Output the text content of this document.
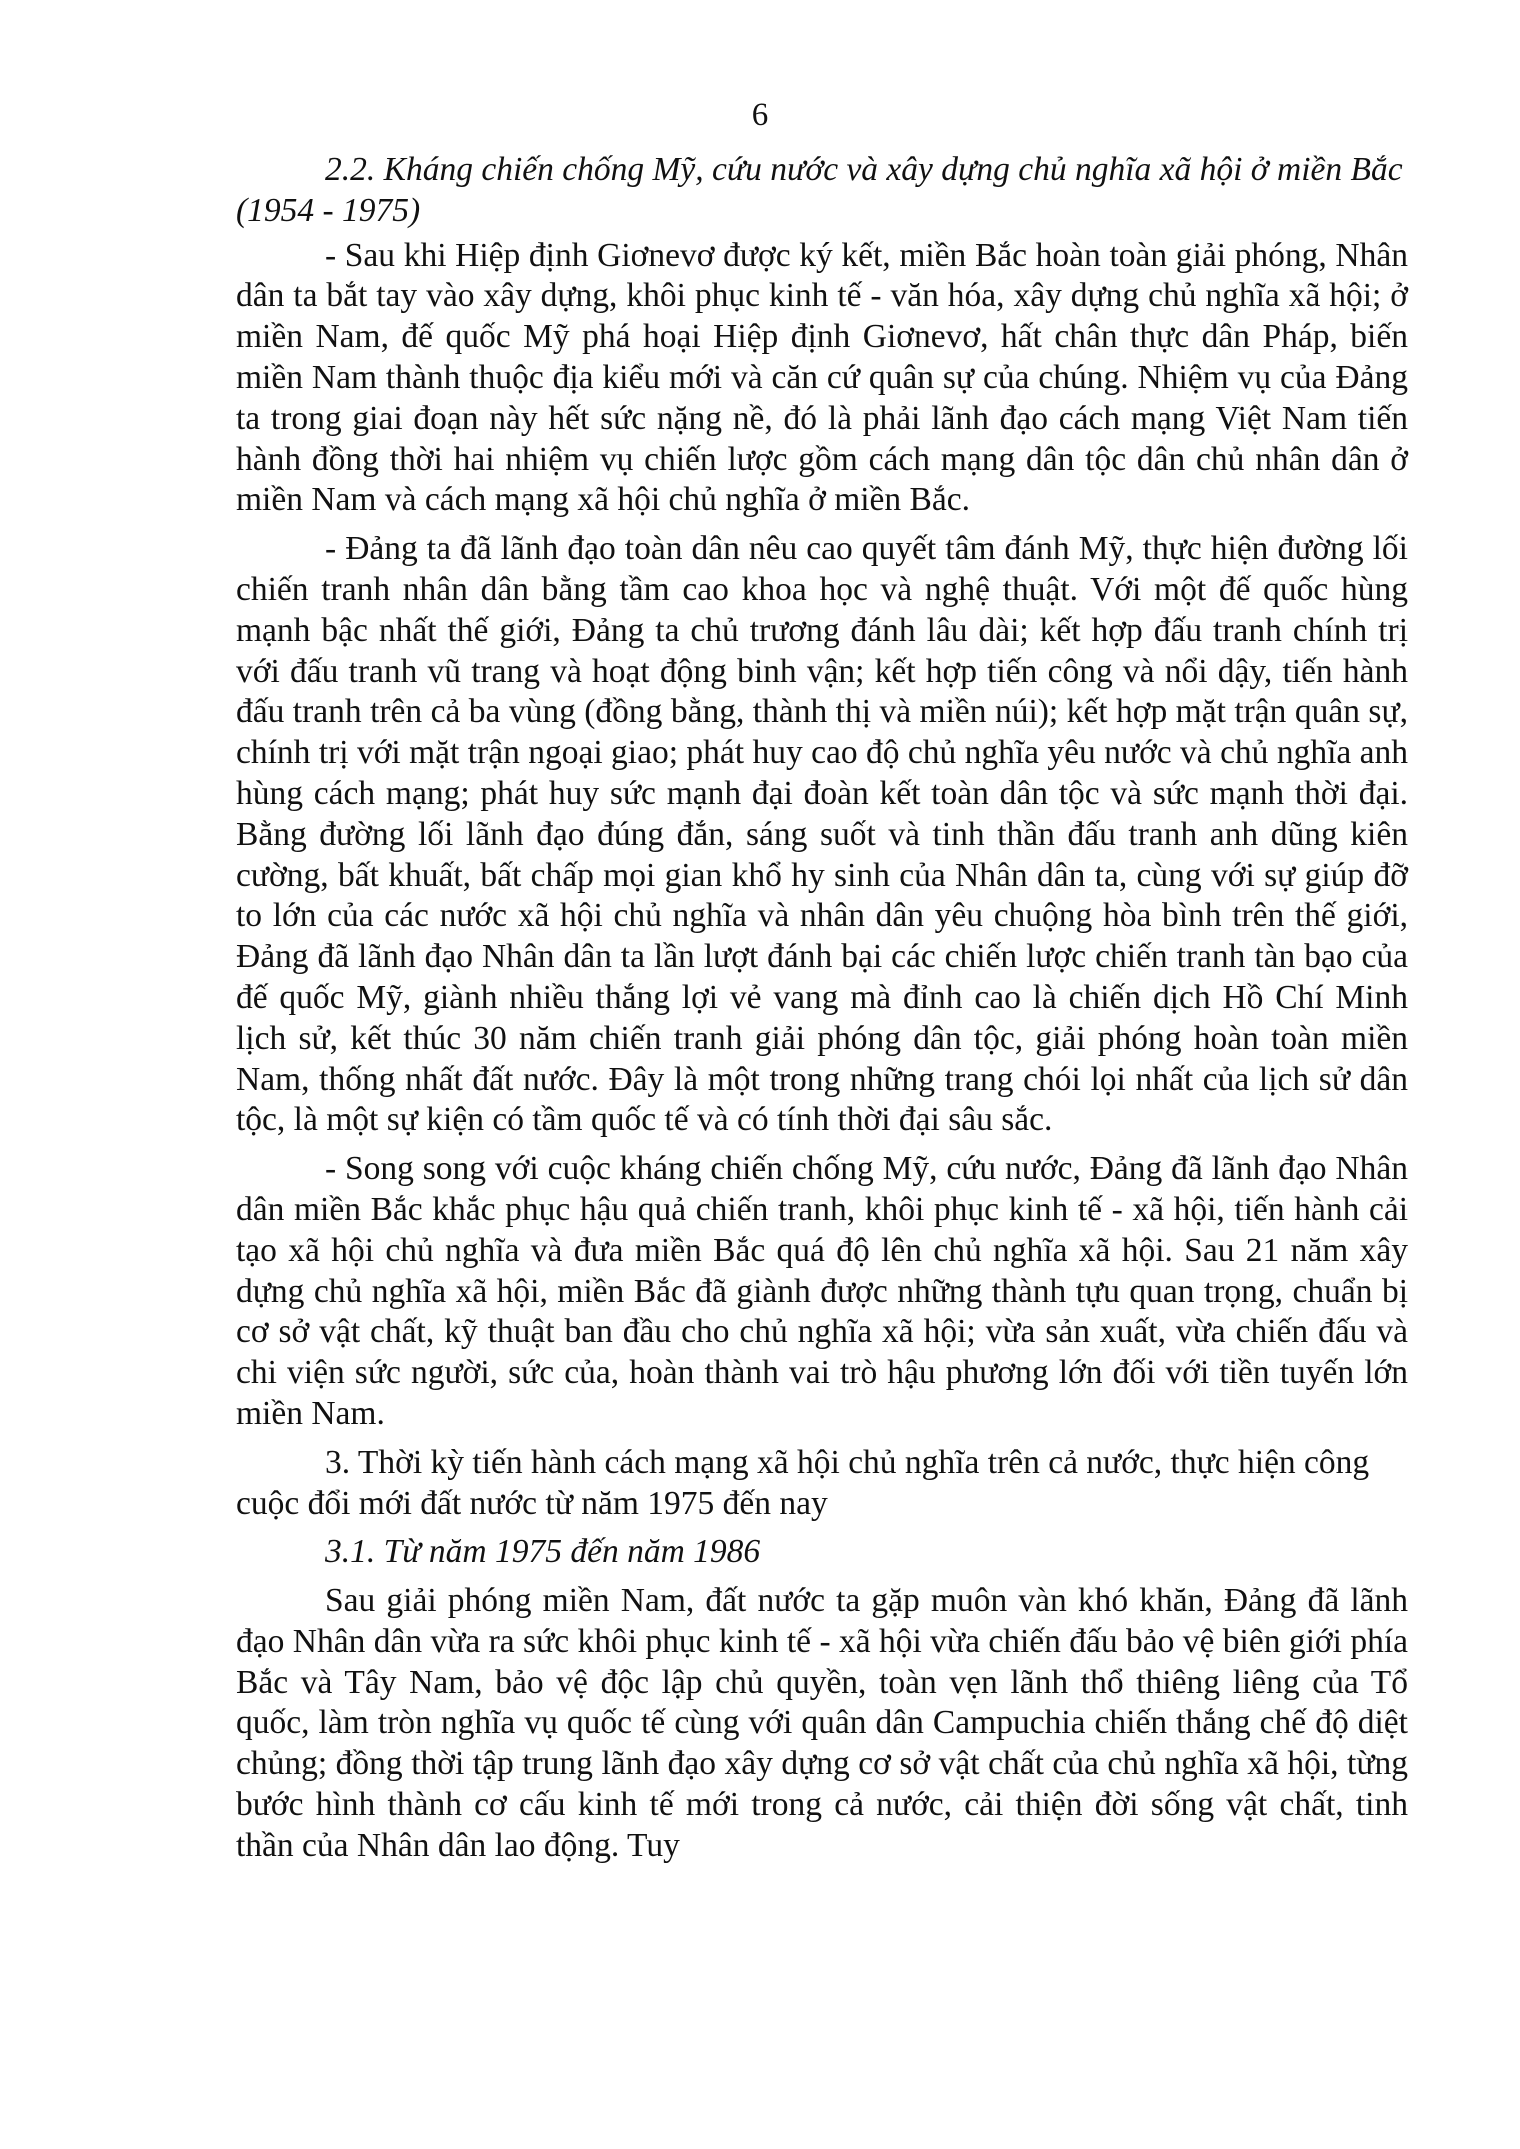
6
2.2. Kháng chiến chống Mỹ, cứu nước và xây dựng chủ nghĩa xã hội ở miền Bắc (1954 - 1975)

- Sau khi Hiệp định Giơnevơ được ký kết, miền Bắc hoàn toàn giải phóng, Nhân dân ta bắt tay vào xây dựng, khôi phục kinh tế - văn hóa, xây dựng chủ nghĩa xã hội; ở miền Nam, đế quốc Mỹ phá hoại Hiệp định Giơnevơ, hất chân thực dân Pháp, biến miền Nam thành thuộc địa kiểu mới và căn cứ quân sự của chúng. Nhiệm vụ của Đảng ta trong giai đoạn này hết sức nặng nề, đó là phải lãnh đạo cách mạng Việt Nam tiến hành đồng thời hai nhiệm vụ chiến lược gồm cách mạng dân tộc dân chủ nhân dân ở miền Nam và cách mạng xã hội chủ nghĩa ở miền Bắc.

- Đảng ta đã lãnh đạo toàn dân nêu cao quyết tâm đánh Mỹ, thực hiện đường lối chiến tranh nhân dân bằng tầm cao khoa học và nghệ thuật. Với một đế quốc hùng mạnh bậc nhất thế giới, Đảng ta chủ trương đánh lâu dài; kết hợp đấu tranh chính trị với đấu tranh vũ trang và hoạt động binh vận; kết hợp tiến công và nổi dậy, tiến hành đấu tranh trên cả ba vùng (đồng bằng, thành thị và miền núi); kết hợp mặt trận quân sự, chính trị với mặt trận ngoại giao; phát huy cao độ chủ nghĩa yêu nước và chủ nghĩa anh hùng cách mạng; phát huy sức mạnh đại đoàn kết toàn dân tộc và sức mạnh thời đại. Bằng đường lối lãnh đạo đúng đắn, sáng suốt và tinh thần đấu tranh anh dũng kiên cường, bất khuất, bất chấp mọi gian khổ hy sinh của Nhân dân ta, cùng với sự giúp đỡ to lớn của các nước xã hội chủ nghĩa và nhân dân yêu chuộng hòa bình trên thế giới, Đảng đã lãnh đạo Nhân dân ta lần lượt đánh bại các chiến lược chiến tranh tàn bạo của đế quốc Mỹ, giành nhiều thắng lợi vẻ vang mà đỉnh cao là chiến dịch Hồ Chí Minh lịch sử, kết thúc 30 năm chiến tranh giải phóng dân tộc, giải phóng hoàn toàn miền Nam, thống nhất đất nước. Đây là một trong những trang chói lọi nhất của lịch sử dân tộc, là một sự kiện có tầm quốc tế và có tính thời đại sâu sắc.

- Song song với cuộc kháng chiến chống Mỹ, cứu nước, Đảng đã lãnh đạo Nhân dân miền Bắc khắc phục hậu quả chiến tranh, khôi phục kinh tế - xã hội, tiến hành cải tạo xã hội chủ nghĩa và đưa miền Bắc quá độ lên chủ nghĩa xã hội. Sau 21 năm xây dựng chủ nghĩa xã hội, miền Bắc đã giành được những thành tựu quan trọng, chuẩn bị cơ sở vật chất, kỹ thuật ban đầu cho chủ nghĩa xã hội; vừa sản xuất, vừa chiến đấu và chi viện sức người, sức của, hoàn thành vai trò hậu phương lớn đối với tiền tuyến lớn miền Nam.

3. Thời kỳ tiến hành cách mạng xã hội chủ nghĩa trên cả nước, thực hiện công cuộc đổi mới đất nước từ năm 1975 đến nay
3.1. Từ năm 1975 đến năm 1986

Sau giải phóng miền Nam, đất nước ta gặp muôn vàn khó khăn, Đảng đã lãnh đạo Nhân dân vừa ra sức khôi phục kinh tế - xã hội vừa chiến đấu bảo vệ biên giới phía Bắc và Tây Nam, bảo vệ độc lập chủ quyền, toàn vẹn lãnh thổ thiêng liêng của Tổ quốc, làm tròn nghĩa vụ quốc tế cùng với quân dân Campuchia chiến thắng chế độ diệt chủng; đồng thời tập trung lãnh đạo xây dựng cơ sở vật chất của chủ nghĩa xã hội, từng bước hình thành cơ cấu kinh tế mới trong cả nước, cải thiện đời sống vật chất, tinh thần của Nhân dân lao động. Tuy
